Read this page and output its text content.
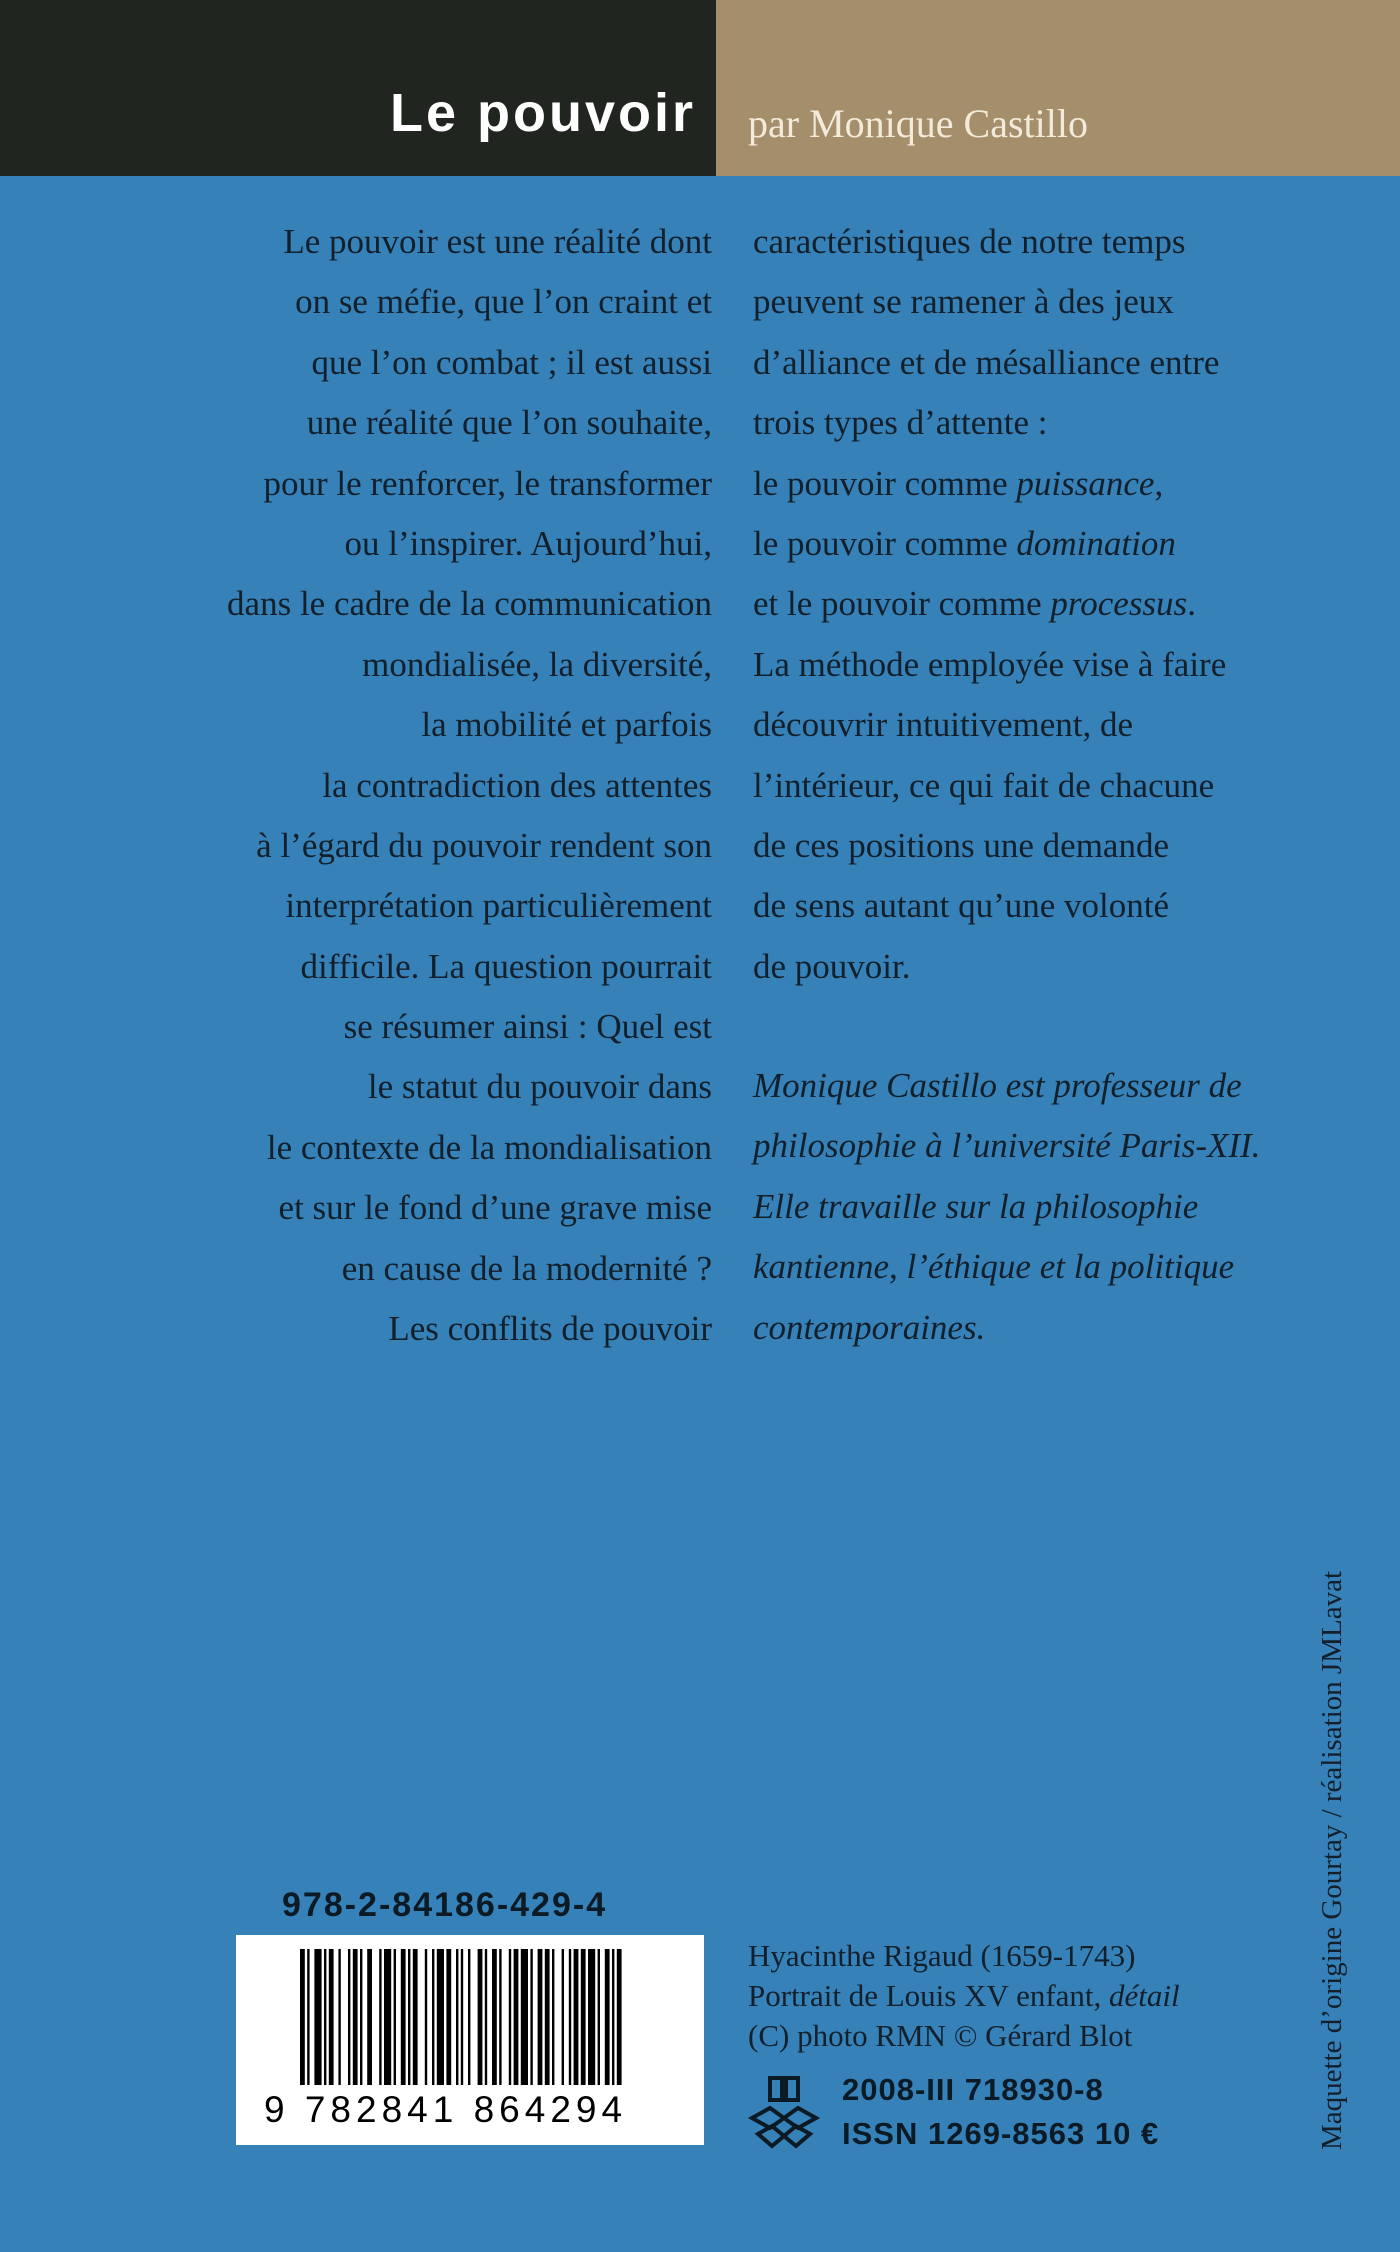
Le pouvoir par Monique Castillo
Le pouvoir est une réalité dont
on se méfie, que l’on craint et
que l’on combat ; il est aussi
une réalité que l’on souhaite,
pour le renforcer, le transformer
ou l’inspirer. Aujourd’hui,
dans le cadre de la communication
mondialisée, la diversité,
la mobilité et parfois
la contradiction des attentes
à l’égard du pouvoir rendent son
interprétation particulièrement
difficile. La question pourrait
se résumer ainsi : Quel est
le statut du pouvoir dans
le contexte de la mondialisation
et sur le fond d’une grave mise
en cause de la modernité ?
Les conflits de pouvoir
caractéristiques de notre temps
peuvent se ramener à des jeux
d’alliance et de mésalliance entre
trois types d’attente :
le pouvoir comme puissance,
le pouvoir comme domination
et le pouvoir comme processus.
La méthode employée vise à faire
découvrir intuitivement, de
l’intérieur, ce qui fait de chacune
de ces positions une demande
de sens autant qu’une volonté
de pouvoir.
Monique Castillo est professeur de
philosophie à l’université Paris-XII.
Elle travaille sur la philosophie
kantienne, l’éthique et la politique
contemporaines.
978-2-84186-429-4
9 782841 864294
Hyacinthe Rigaud (1659-1743)
Portrait de Louis XV enfant, détail
(C) photo RMN © Gérard Blot
2008-III 718930-8
ISSN 1269-8563 10 €	Maquette d’origine Gourtay / réalisation JMLavat
